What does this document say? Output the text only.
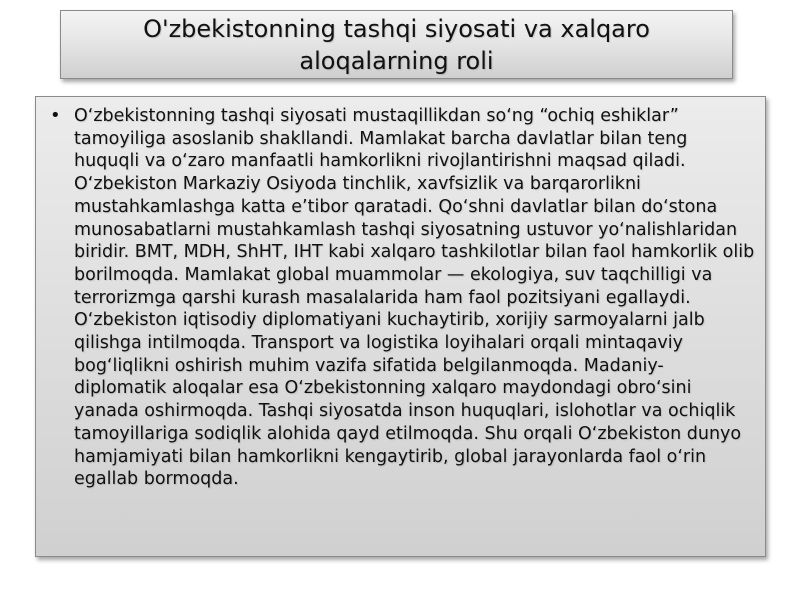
O'zbekistonning tashqi siyosati va xalqaro aloqalarning roli
• O‘zbekistonning tashqi siyosati mustaqillikdan so‘ng “ochiq eshiklar” tamoyiliga asoslanib shakllandi. Mamlakat barcha davlatlar bilan teng huquqli va o‘zaro manfaatli hamkorlikni rivojlantirishni maqsad qiladi. O‘zbekiston Markaziy Osiyoda tinchlik, xavfsizlik va barqarorlikni mustahkamlashga katta e’tibor qaratadi. Qo‘shni davlatlar bilan do‘stona munosabatlarni mustahkamlash tashqi siyosatning ustuvor yo‘nalishlaridan biridir. BMT, MDH, ShHT, IHT kabi xalqaro tashkilotlar bilan faol hamkorlik olib borilmoqda. Mamlakat global muammolar — ekologiya, suv taqchilligi va terrorizmga qarshi kurash masalalarida ham faol pozitsiyani egallaydi. O‘zbekiston iqtisodiy diplomatiyani kuchaytirib, xorijiy sarmoyalarni jalb qilishga intilmoqda. Transport va logistika loyihalari orqali mintaqaviy bog‘liqlikni oshirish muhim vazifa sifatida belgilanmoqda. Madaniy-diplomatik aloqalar esa O‘zbekistonning xalqaro maydondagi obro‘sini yanada oshirmoqda. Tashqi siyosatda inson huquqlari, islohotlar va ochiqlik tamoyillariga sodiqlik alohida qayd etilmoqda. Shu orqali O‘zbekiston dunyo hamjamiyati bilan hamkorlikni kengaytirib, global jarayonlarda faol o‘rin egallab bormoqda.
